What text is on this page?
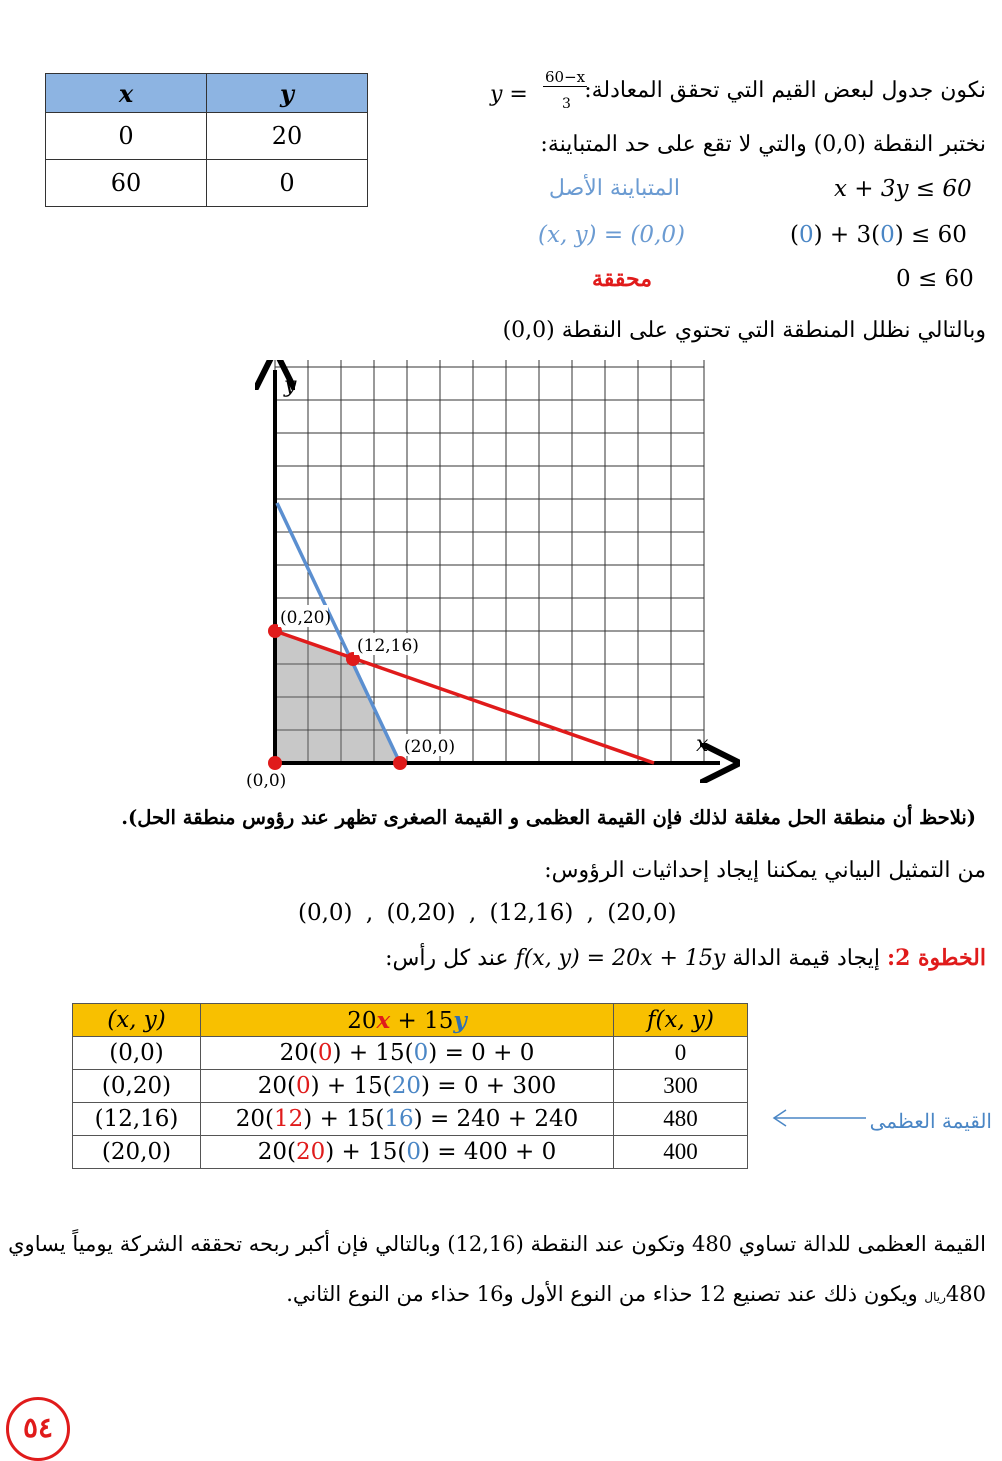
x	y
0	20
60	0
نكون جدول لبعض القيم التي تحقق المعادلة:
y =
60−x
3
نختبر النقطة (0,0) والتي لا تقع على حد المتباينة:
المتباينة الأصل	x + 3y ≤ 60
(x, y) = (0,0)	(0) + 3(0) ≤ 60
محققة	0 ≤ 60
وبالتالي نظلل المنطقة التي تحتوي على النقطة (0,0)
(0,20)
(12,16)
(20,0)
(0,0)
x
y
(نلاحظ أن منطقة الحل مغلقة لذلك فإن القيمة العظمى و القيمة الصغرى تظهر عند رؤوس منطقة الحل).
من التمثيل البياني يمكننا إيجاد إحداثيات الرؤوس:
(0,0) , (0,20) , (12,16) , (20,0)
الخطوة 2: إيجاد قيمة الدالة f(x, y) = 20x + 15y عند كل رأس:
(x, y)	20x + 15y	f(x, y)
(0,0)	20(0) + 15(0) = 0 + 0	0
(0,20)	20(0) + 15(20) = 0 + 300	300
(12,16)	20(12) + 15(16) = 240 + 240	480
(20,0)	20(20) + 15(0) = 400 + 0	400
القيمة العظمى
القيمة العظمى للدالة تساوي 480 وتكون عند النقطة (12,16) وبالتالي فإن أكبر ربحه تحققه الشركة يومياً يساوي
480ريال ويكون ذلك عند تصنيع 12 حذاء من النوع الأول و16 حذاء من النوع الثاني.
٥٤
